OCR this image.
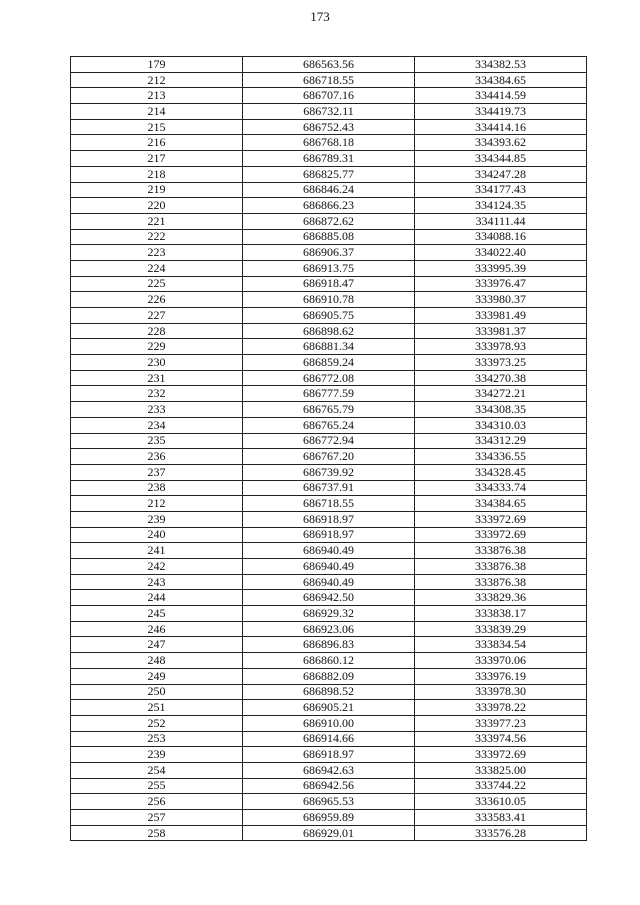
173
179	686563.56	334382.53
212	686718.55	334384.65
213	686707.16	334414.59
214	686732.11	334419.73
215	686752.43	334414.16
216	686768.18	334393.62
217	686789.31	334344.85
218	686825.77	334247.28
219	686846.24	334177.43
220	686866.23	334124.35
221	686872.62	334111.44
222	686885.08	334088.16
223	686906.37	334022.40
224	686913.75	333995.39
225	686918.47	333976.47
226	686910.78	333980.37
227	686905.75	333981.49
228	686898.62	333981.37
229	686881.34	333978.93
230	686859.24	333973.25
231	686772.08	334270.38
232	686777.59	334272.21
233	686765.79	334308.35
234	686765.24	334310.03
235	686772.94	334312.29
236	686767.20	334336.55
237	686739.92	334328.45
238	686737.91	334333.74
212	686718.55	334384.65
239	686918.97	333972.69
240	686918.97	333972.69
241	686940.49	333876.38
242	686940.49	333876.38
243	686940.49	333876.38
244	686942.50	333829.36
245	686929.32	333838.17
246	686923.06	333839.29
247	686896.83	333834.54
248	686860.12	333970.06
249	686882.09	333976.19
250	686898.52	333978.30
251	686905.21	333978.22
252	686910.00	333977.23
253	686914.66	333974.56
239	686918.97	333972.69
254	686942.63	333825.00
255	686942.56	333744.22
256	686965.53	333610.05
257	686959.89	333583.41
258	686929.01	333576.28
